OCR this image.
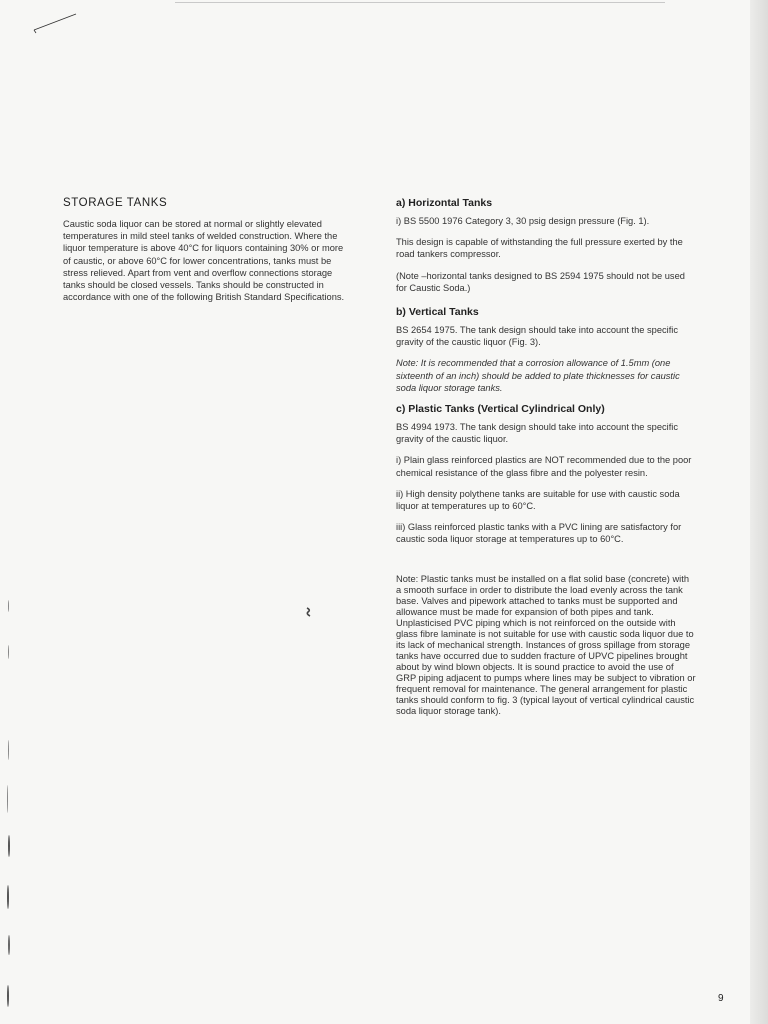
STORAGE TANKS

Caustic soda liquor can be stored at normal or slightly elevated temperatures in mild steel tanks of welded construction. Where the liquor temperature is above 40°C for liquors containing 30% or more of caustic, or above 60°C for lower concentrations, tanks must be stress relieved. Apart from vent and overflow connections storage tanks should be closed vessels. Tanks should be constructed in accordance with one of the following British Standard Specifications.

a) Horizontal Tanks

i) BS 5500 1976 Category 3, 30 psig design pressure (Fig. 1).

This design is capable of withstanding the full pressure exerted by the road tankers compressor.

(Note –horizontal tanks designed to BS 2594 1975 should not be used for Caustic Soda.)

b) Vertical Tanks

BS 2654 1975. The tank design should take into account the specific gravity of the caustic liquor (Fig. 3).

Note: It is recommended that a corrosion allowance of 1.5mm (one sixteenth of an inch) should be added to plate thicknesses for caustic soda liquor storage tanks.

c) Plastic Tanks (Vertical Cylindrical Only)

BS 4994 1973. The tank design should take into account the specific gravity of the caustic liquor.

i) Plain glass reinforced plastics are NOT recommended due to the poor chemical resistance of the glass fibre and the polyester resin.

ii) High density polythene tanks are suitable for use with caustic soda liquor at temperatures up to 60°C.

iii) Glass reinforced plastic tanks with a PVC lining are satisfactory for caustic soda liquor storage at temperatures up to 60°C.

Note: Plastic tanks must be installed on a flat solid base (concrete) with a smooth surface in order to distribute the load evenly across the tank base. Valves and pipework attached to tanks must be supported and allowance must be made for expansion of both pipes and tank. Unplasticised PVC piping which is not reinforced on the outside with glass fibre laminate is not suitable for use with caustic soda liquor due to its lack of mechanical strength. Instances of gross spillage from storage tanks have occurred due to sudden fracture of UPVC pipelines brought about by wind blown objects. It is sound practice to avoid the use of GRP piping adjacent to pumps where lines may be subject to vibration or frequent removal for maintenance. The general arrangement for plastic tanks should conform to fig. 3 (typical layout of vertical cylindrical caustic soda liquor storage tank).

9
